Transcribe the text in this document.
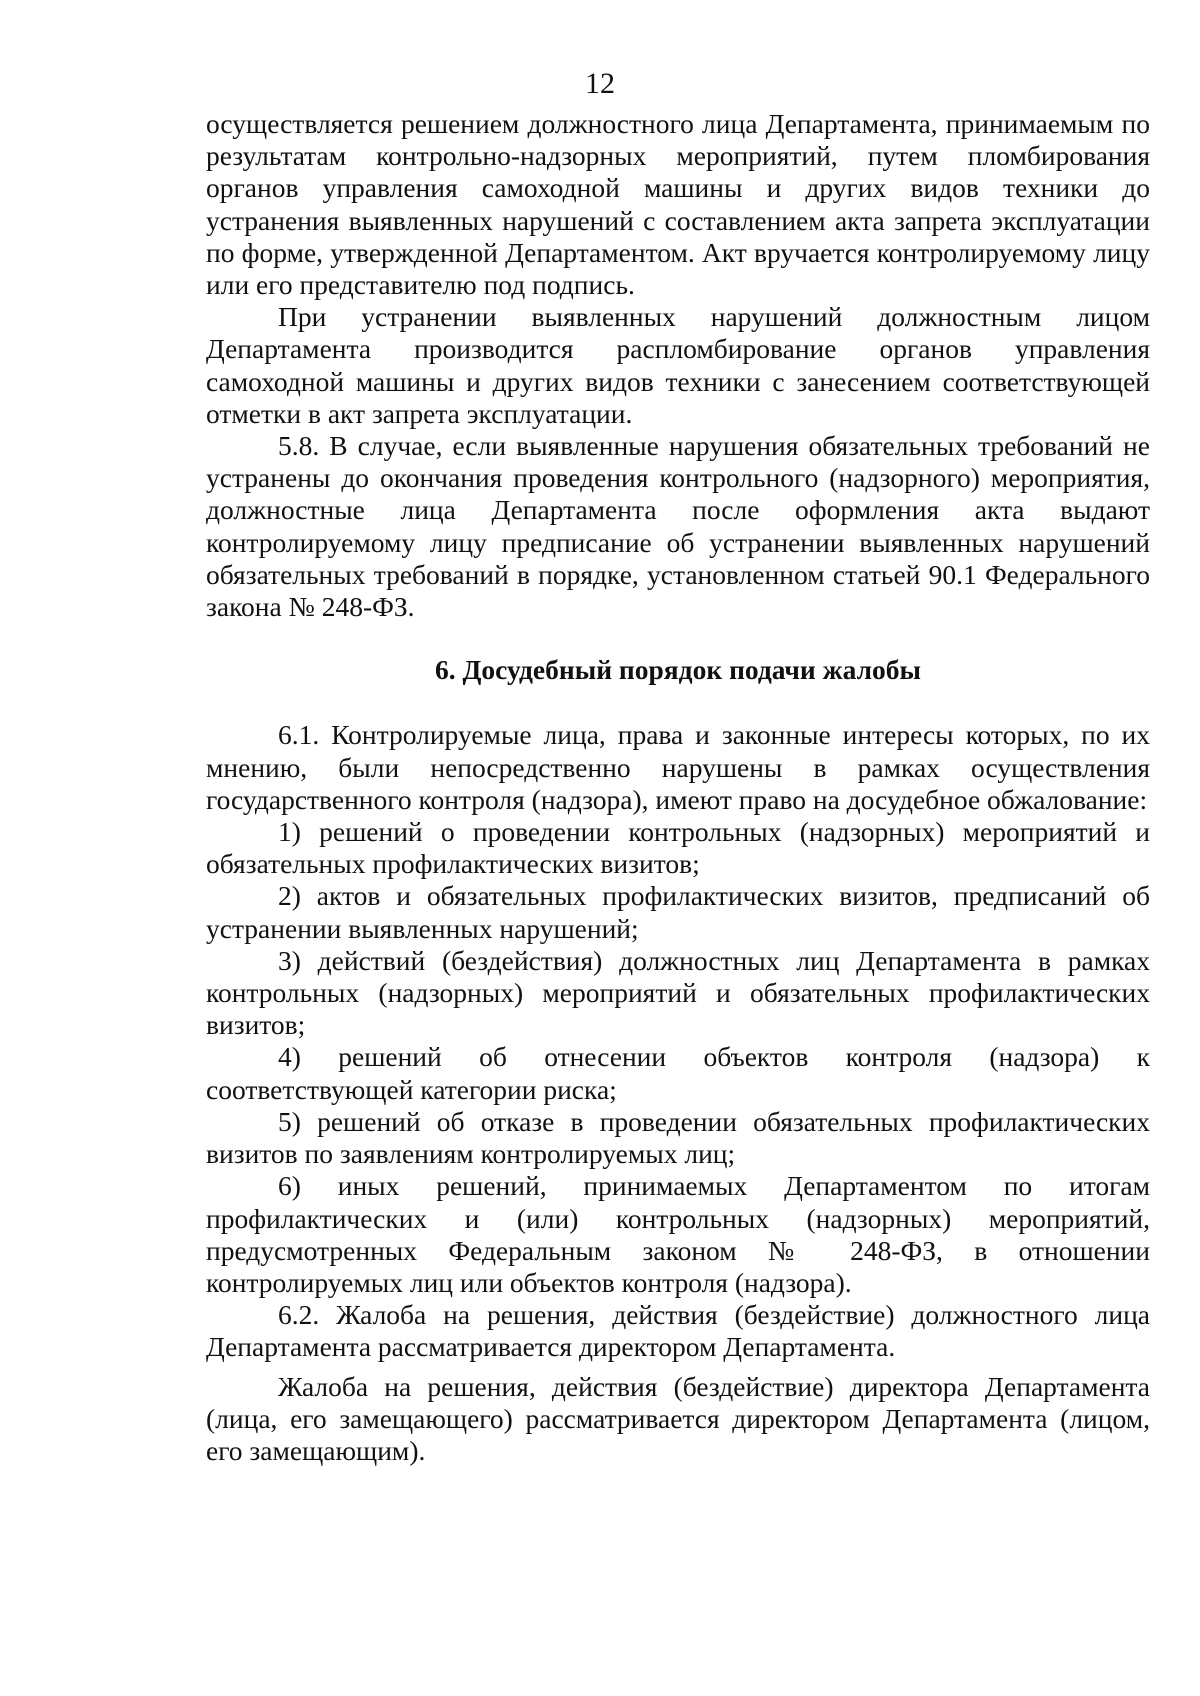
12

осуществляется решением должностного лица Департамента, принимаемым по результатам контрольно-надзорных мероприятий, путем пломбирования органов управления самоходной машины и других видов техники до устранения выявленных нарушений с составлением акта запрета эксплуатации по форме, утвержденной Департаментом. Акт вручается контролируемому лицу или его представителю под подпись.

При устранении выявленных нарушений должностным лицом Департамента производится распломбирование органов управления самоходной машины и других видов техники с занесением соответствующей отметки в акт запрета эксплуатации.

5.8. В случае, если выявленные нарушения обязательных требований не устранены до окончания проведения контрольного (надзорного) мероприятия, должностные лица Департамента после оформления акта выдают контролируемому лицу предписание об устранении выявленных нарушений обязательных требований в порядке, установленном статьей 90.1 Федерального закона № 248-ФЗ.

6. Досудебный порядок подачи жалобы

6.1. Контролируемые лица, права и законные интересы которых, по их мнению, были непосредственно нарушены в рамках осуществления государственного контроля (надзора), имеют право на досудебное обжалование:

1) решений о проведении контрольных (надзорных) мероприятий и обязательных профилактических визитов;

2) актов и обязательных профилактических визитов, предписаний об устранении выявленных нарушений;

3) действий (бездействия) должностных лиц Департамента в рамках контрольных (надзорных) мероприятий и обязательных профилактических визитов;

4) решений об отнесении объектов контроля (надзора) к соответствующей категории риска;

5) решений об отказе в проведении обязательных профилактических визитов по заявлениям контролируемых лиц;

6) иных решений, принимаемых Департаментом по итогам профилактических и (или) контрольных (надзорных) мероприятий, предусмотренных Федеральным законом № 248-ФЗ, в отношении контролируемых лиц или объектов контроля (надзора).

6.2. Жалоба на решения, действия (бездействие) должностного лица Департамента рассматривается директором Департамента.

Жалоба на решения, действия (бездействие) директора Департамента (лица, его замещающего) рассматривается директором Департамента (лицом, его замещающим).
